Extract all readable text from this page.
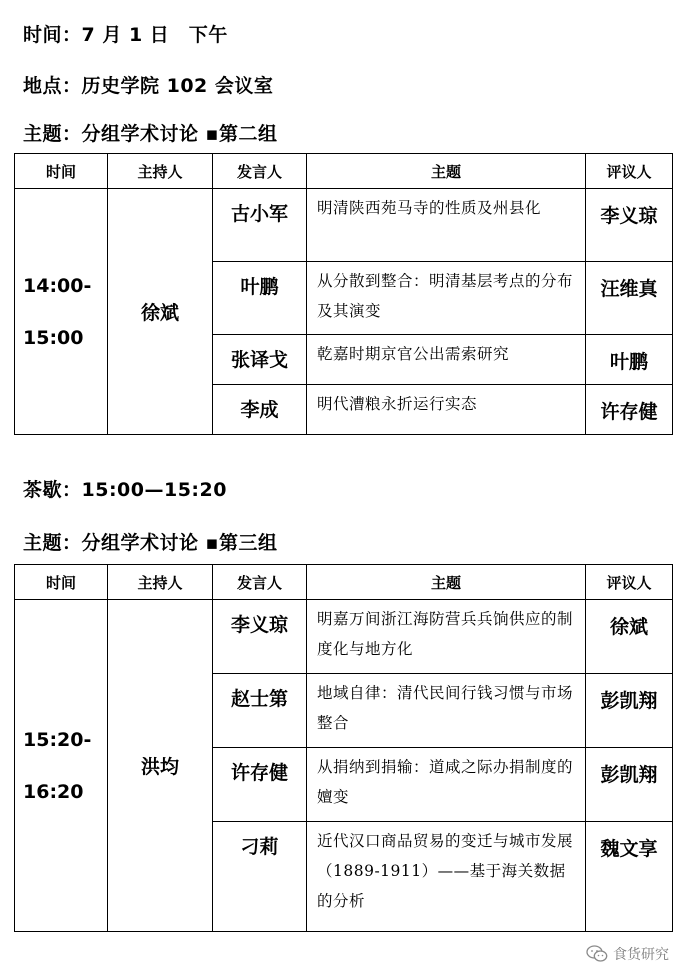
时间：7 月 1 日　下午
地点：历史学院 102 会议室
主题：分组学术讨论 ▪第二组
时间	主持人	发言人	主题	评议人

14:00-
15:00	徐斌	古小军	明清陕西苑马寺的性质及州县化	李义琼
		叶鹏	从分散到整合：明清基层考点的分布及其演变	汪维真
		张译戈	乾嘉时期京官公出需索研究	叶鹏
		李成	明代漕粮永折运行实态	许存健
茶歇：15:00—15:20
主题：分组学术讨论 ▪第三组
时间	主持人	发言人	主题	评议人

15:20-
16:20	洪均	李义琼	明嘉万间浙江海防营兵兵饷供应的制度化与地方化	徐斌
		赵士第	地域自律：清代民间行钱习惯与市场整合	彭凯翔
		许存健	从捐纳到捐输：道咸之际办捐制度的嬗变	彭凯翔
		刁莉	近代汉口商品贸易的变迁与城市发展（1889-1911）——基于海关数据的分析	魏文享
食货研究
